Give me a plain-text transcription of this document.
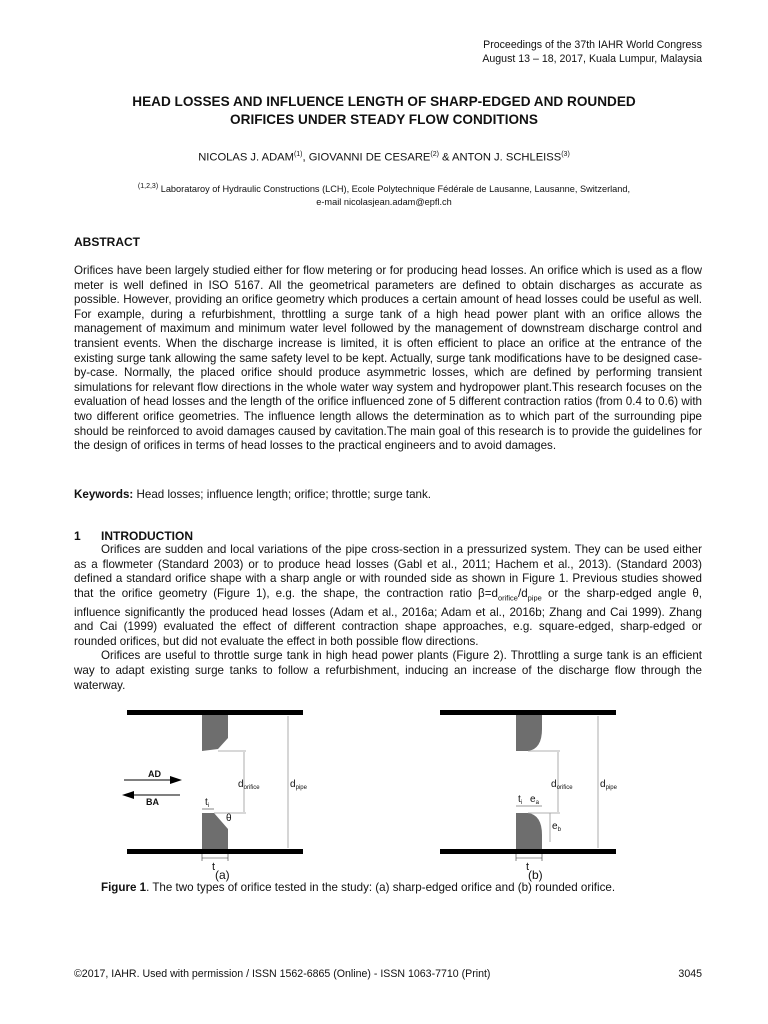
Proceedings of the 37th IAHR World Congress
August 13 – 18, 2017, Kuala Lumpur, Malaysia
HEAD LOSSES AND INFLUENCE LENGTH OF SHARP-EDGED AND ROUNDED
ORIFICES UNDER STEADY FLOW CONDITIONS
NICOLAS J. ADAM$^{(1)}$, GIOVANNI DE CESARE$^{(2)}$ & ANTON J. SCHLEISS$^{(3)}$
$^{(1,2,3)}$ Laborataroy of Hydraulic Constructions (LCH), Ecole Polytechnique Fédérale de Lausanne, Lausanne, Switzerland,
e-mail nicolasjean.adam@epfl.ch
ABSTRACT
Orifices have been largely studied either for flow metering or for producing head losses. An orifice which is used as a flow meter is well defined in ISO 5167. All the geometrical parameters are defined to obtain discharges as accurate as possible. However, providing an orifice geometry which produces a certain amount of head losses could be useful as well. For example, during a refurbishment, throttling a surge tank of a high head power plant with an orifice allows the management of maximum and minimum water level followed by the management of downstream discharge control and transient events. When the discharge increase is limited, it is often efficient to place an orifice at the entrance of the existing surge tank allowing the same safety level to be kept. Actually, surge tank modifications have to be designed case-by-case. Normally, the placed orifice should produce asymmetric losses, which are defined by performing transient simulations for relevant flow directions in the whole water way system and hydropower plant.This research focuses on the evaluation of head losses and the length of the orifice influenced zone of 5 different contraction ratios (from 0.4 to 0.6) with two different orifice geometries. The influence length allows the determination as to which part of the surrounding pipe should be reinforced to avoid damages caused by cavitation.The main goal of this research is to provide the guidelines for the design of orifices in terms of head losses to the practical engineers and to avoid damages.
Keywords: Head losses; influence length; orifice; throttle; surge tank.
1 INTRODUCTION
Orifices are sudden and local variations of the pipe cross-section in a pressurized system. They can be used either as a flowmeter (Standard 2003) or to produce head losses (Gabl et al., 2011; Hachem et al., 2013). (Standard 2003) defined a standard orifice shape with a sharp angle or with rounded side as shown in Figure 1. Previous studies showed that the orifice geometry (Figure 1), e.g. the shape, the contraction ratio $\beta=d_{orifice}/d_{pipe}$ or the sharp-edged angle θ, influence significantly the produced head losses (Adam et al., 2016a; Adam et al., 2016b; Zhang and Cai 1999). Zhang and Cai (1999) evaluated the effect of different contraction shape approaches, e.g. square-edged, sharp-edged or rounded orifices, but did not evaluate the effect in both possible flow directions.
Orifices are useful to throttle surge tank in high head power plants (Figure 2). Throttling a surge tank is an efficient way to adapt existing surge tanks to follow a refurbishment, inducing an increase of the discharge flow through the waterway.
AD
BA	$t_i$
θ
$d_{orifice}$	$d_{pipe}$
t
$t_i$ $e_a$
$e_b$
$d_{orifice}$	$d_{pipe}$
t
(a)	(b)
Figure 1. The two types of orifice tested in the study: (a) sharp-edged orifice and (b) rounded orifice.
©2017, IAHR. Used with permission / ISSN 1562-6865 (Online) - ISSN 1063-7710 (Print)	3045
